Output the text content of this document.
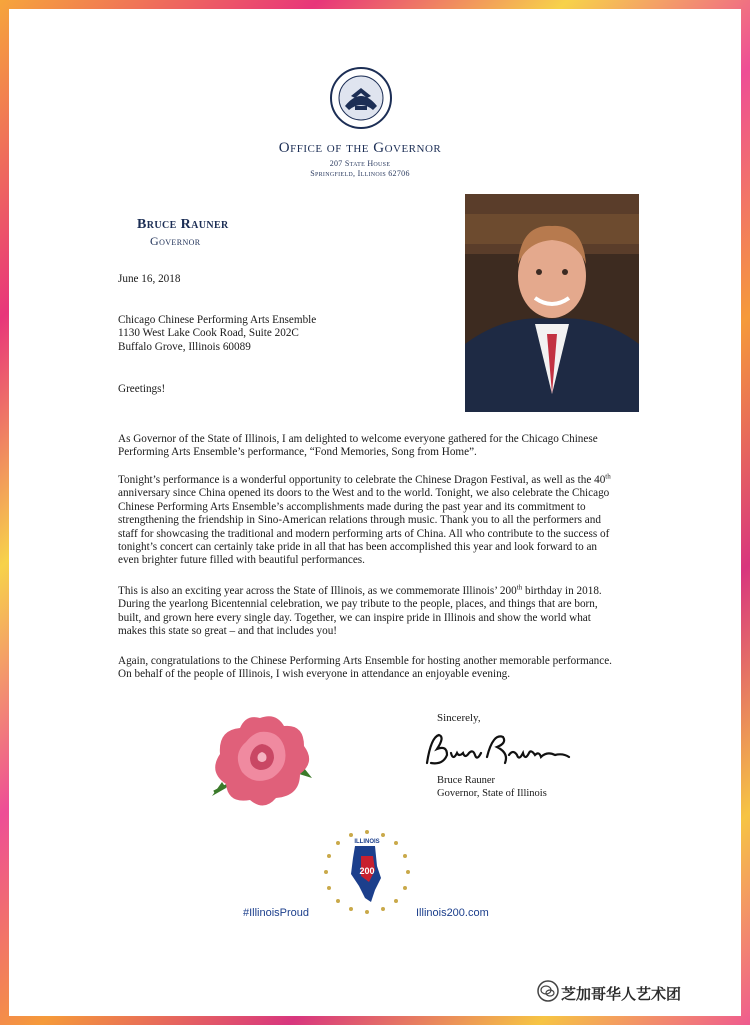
Office of the Governor
207 State House
Springfield, Illinois 62706
Bruce Rauner
Governor
June 16, 2018
Chicago Chinese Performing Arts Ensemble
1130 West Lake Cook Road, Suite 202C
Buffalo Grove, Illinois 60089
Greetings!
As Governor of the State of Illinois, I am delighted to welcome everyone gathered for the Chicago Chinese
Performing Arts Ensemble’s performance, “Fond Memories, Song from Home”.
Tonight’s performance is a wonderful opportunity to celebrate the Chinese Dragon Festival, as well as the 40th
anniversary since China opened its doors to the West and to the world. Tonight, we also celebrate the Chicago
Chinese Performing Arts Ensemble’s accomplishments made during the past year and its commitment to
strengthening the friendship in Sino-American relations through music. Thank you to all the performers and
staff for showcasing the traditional and modern performing arts of China. All who contribute to the success of
tonight’s concert can certainly take pride in all that has been accomplished this year and look forward to an
even brighter future filled with beautiful performances.
This is also an exciting year across the State of Illinois, as we commemorate Illinois’ 200th birthday in 2018.
During the yearlong Bicentennial celebration, we pay tribute to the people, places, and things that are born,
built, and grown here every single day. Together, we can inspire pride in Illinois and show the world what
makes this state so great – and that includes you!
Again, congratulations to the Chinese Performing Arts Ensemble for hosting another memorable performance.
On behalf of the people of Illinois, I wish everyone in attendance an enjoyable evening.
Sincerely,
Bruce Rauner
Governor, State of Illinois
200
ILLINOIS
#IllinoisProud	Illinois200.com
芝加哥华人艺术团
